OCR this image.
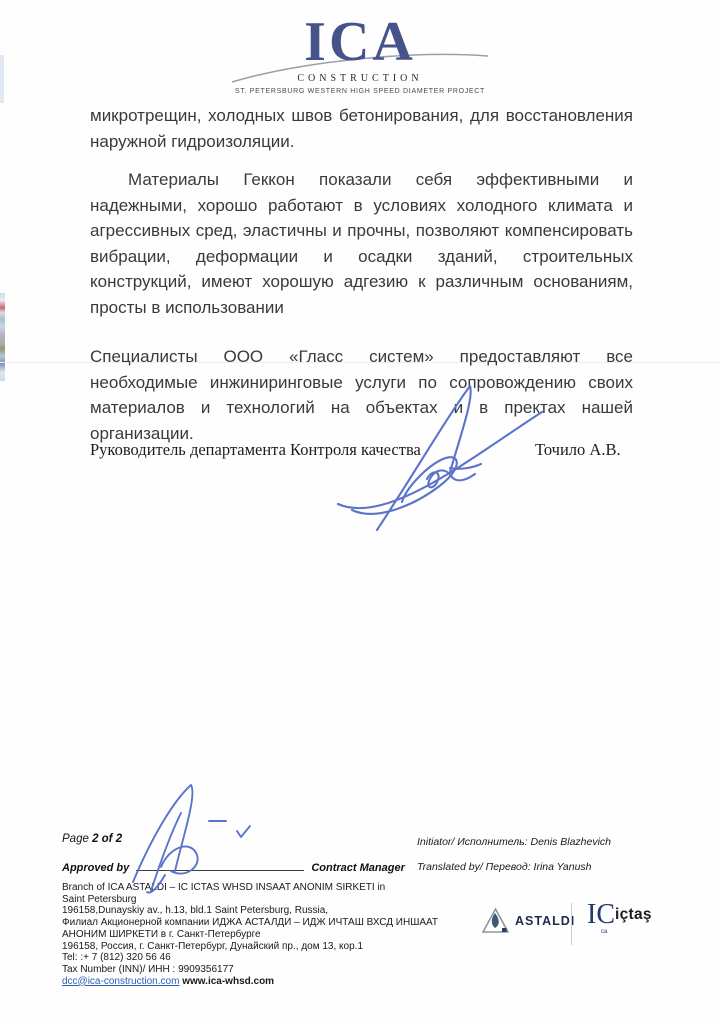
ICA
CONSTRUCTION
ST. PETERSBURG WESTERN HIGH SPEED DIAMETER PROJECT

микротрещин, холодных швов бетонирования, для восстановления наружной гидроизоляции.

Материалы Геккон показали себя эффективными и надежными, хорошо работают в условиях холодного климата и агрессивных сред, эластичны и прочны, позволяют компенсировать вибрации, деформации и осадки зданий, строительных конструкций, имеют хорошую адгезию к различным основаниям, просты в использовании

Специалисты ООО «Гласс систем» предоставляют все необходимые инжиниринговые услуги по сопровождению своих материалов и технологий на объектах и в пректах нашей организации.

Руководитель департамента Контроля качества	Точило А.В.
Page 2 of 2
Approved by	Contract Manager
Branch of ICA ASTALDI – IC ICTAS WHSD INSAAT ANONIM SIRKETI in
Saint Petersburg
196158,Dunayskiy av., h.13, bld.1 Saint Petersburg, Russia,
Филиал Акционерной компании ИДЖА АСТАЛДИ – ИДЖ ИЧТАШ ВХСД ИНШААТ
АНОНИМ ШИРКЕТИ в г. Санкт-Петербурге
196158, Россия, г. Санкт-Петербург, Дунайский пр., дом 13, кор.1
Tel: :+ 7 (812) 320 56 46
Tax Number (INN)/ ИНН : 9909356177
dcc@ica-construction.com www.ica-whsd.com
Initiator/ Исполнитель: Denis Blazhevich
Translated by/ Перевод: Irina Yanush
ASTALDI IC
ca
içtaş
